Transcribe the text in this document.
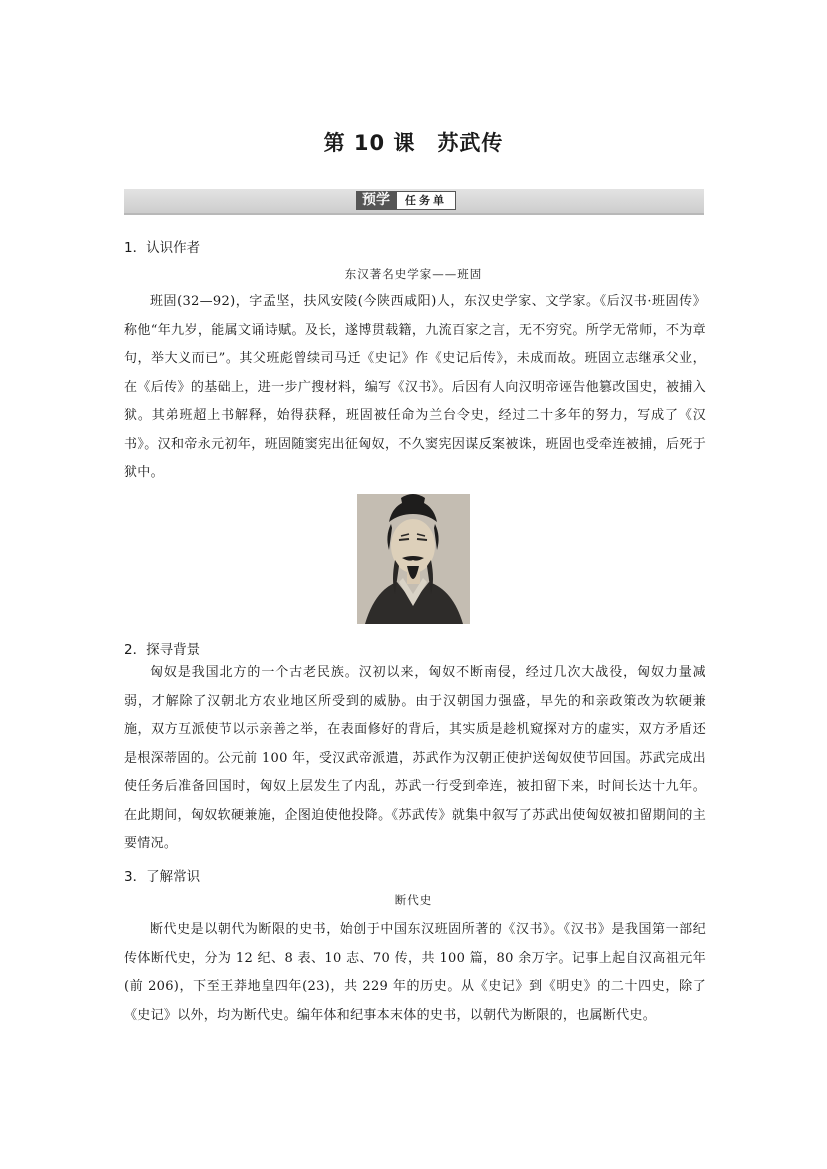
第 10 课　苏武传
预学	任务单
1．认识作者
东汉著名史学家——班固

班固(32—92)，字孟坚，扶风安陵(今陕西咸阳)人，东汉史学家、文学家。《后汉书·班固传》称他“年九岁，能属文诵诗赋。及长，遂博贯载籍，九流百家之言，无不穷究。所学无常师，不为章句，举大义而已”。其父班彪曾续司马迁《史记》作《史记后传》，未成而故。班固立志继承父业，在《后传》的基础上，进一步广搜材料，编写《汉书》。后因有人向汉明帝诬告他篡改国史，被捕入狱。其弟班超上书解释，始得获释，班固被任命为兰台令史，经过二十多年的努力，写成了《汉书》。汉和帝永元初年，班固随窦宪出征匈奴，不久窦宪因谋反案被诛，班固也受牵连被捕，后死于狱中。

2．探寻背景

匈奴是我国北方的一个古老民族。汉初以来，匈奴不断南侵，经过几次大战役，匈奴力量减弱，才解除了汉朝北方农业地区所受到的威胁。由于汉朝国力强盛，早先的和亲政策改为软硬兼施，双方互派使节以示亲善之举，在表面修好的背后，其实质是趁机窥探对方的虚实，双方矛盾还是根深蒂固的。公元前 100 年，受汉武帝派遣，苏武作为汉朝正使护送匈奴使节回国。苏武完成出使任务后准备回国时，匈奴上层发生了内乱，苏武一行受到牵连，被扣留下来，时间长达十九年。在此期间，匈奴软硬兼施，企图迫使他投降。《苏武传》就集中叙写了苏武出使匈奴被扣留期间的主要情况。

3．了解常识
断代史

断代史是以朝代为断限的史书，始创于中国东汉班固所著的《汉书》。《汉书》是我国第一部纪传体断代史，分为 12 纪、8 表、10 志、70 传，共 100 篇，80 余万字。记事上起自汉高祖元年(前 206)，下至王莽地皇四年(23)，共 229 年的历史。从《史记》到《明史》的二十四史，除了《史记》以外，均为断代史。编年体和纪事本末体的史书，以朝代为断限的，也属断代史。
